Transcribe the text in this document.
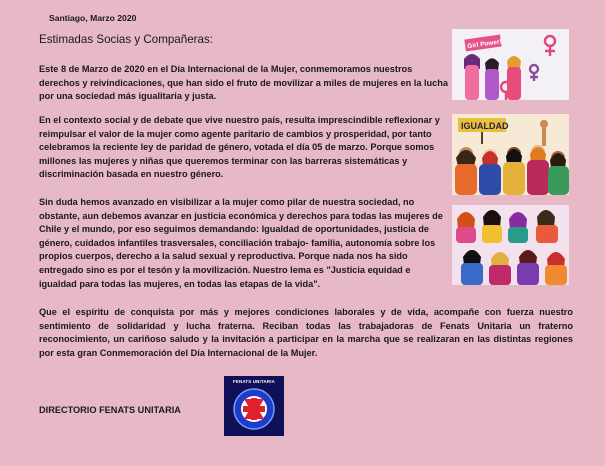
Santiago, Marzo 2020
Estimadas Socias y Compañeras:
Este 8 de Marzo de 2020 en el Día Internacional de la Mujer, conmemoramos nuestros derechos y reivindicaciones, que han sido el fruto de movilizar a miles de mujeres en la lucha por una sociedad más igualitaria y justa.
En el contexto social y de debate que vive nuestro país, resulta imprescindible reflexionar y reimpulsar el valor de la mujer como agente paritario de cambios y prosperidad, por tanto celebramos la reciente ley de paridad de género, votada el día 05 de marzo. Porque somos millones las mujeres y niñas que queremos terminar con las barreras sistemáticas y discriminación basada en nuestro género.
Sin duda hemos avanzado en visibilizar a la mujer como pilar de nuestra sociedad, no obstante, aun debemos avanzar en justicia económica y derechos para todas las mujeres de Chile y el mundo, por eso seguimos demandando: Igualdad de oportunidades, justicia de género, cuidados infantiles trasversales, conciliación trabajo- familia, autonomía sobre los propios cuerpos, derecho a la salud sexual y reproductiva. Porque nada nos ha sido entregado sino es por el tesón y la movilización. Nuestro lema es "Justicia equidad e igualdad para todas las mujeres, en todas las etapas de la vida".
Que el espíritu de conquista por más y mejores condiciones laborales y de vida, acompañe con fuerza nuestro sentimiento de solidaridad y lucha fraterna. Reciban todas las trabajadoras de Fenats Unitaria un fraterno reconocimiento, un cariñoso saludo y la invitación a participar en la marcha que se realizaran en las distintas regiones por esta gran Conmemoración del Día Internacional de la Mujer.
DIRECTORIO FENATS UNITARIA
Girl Power!
IGUALDAD
FENATS UNITARIA
